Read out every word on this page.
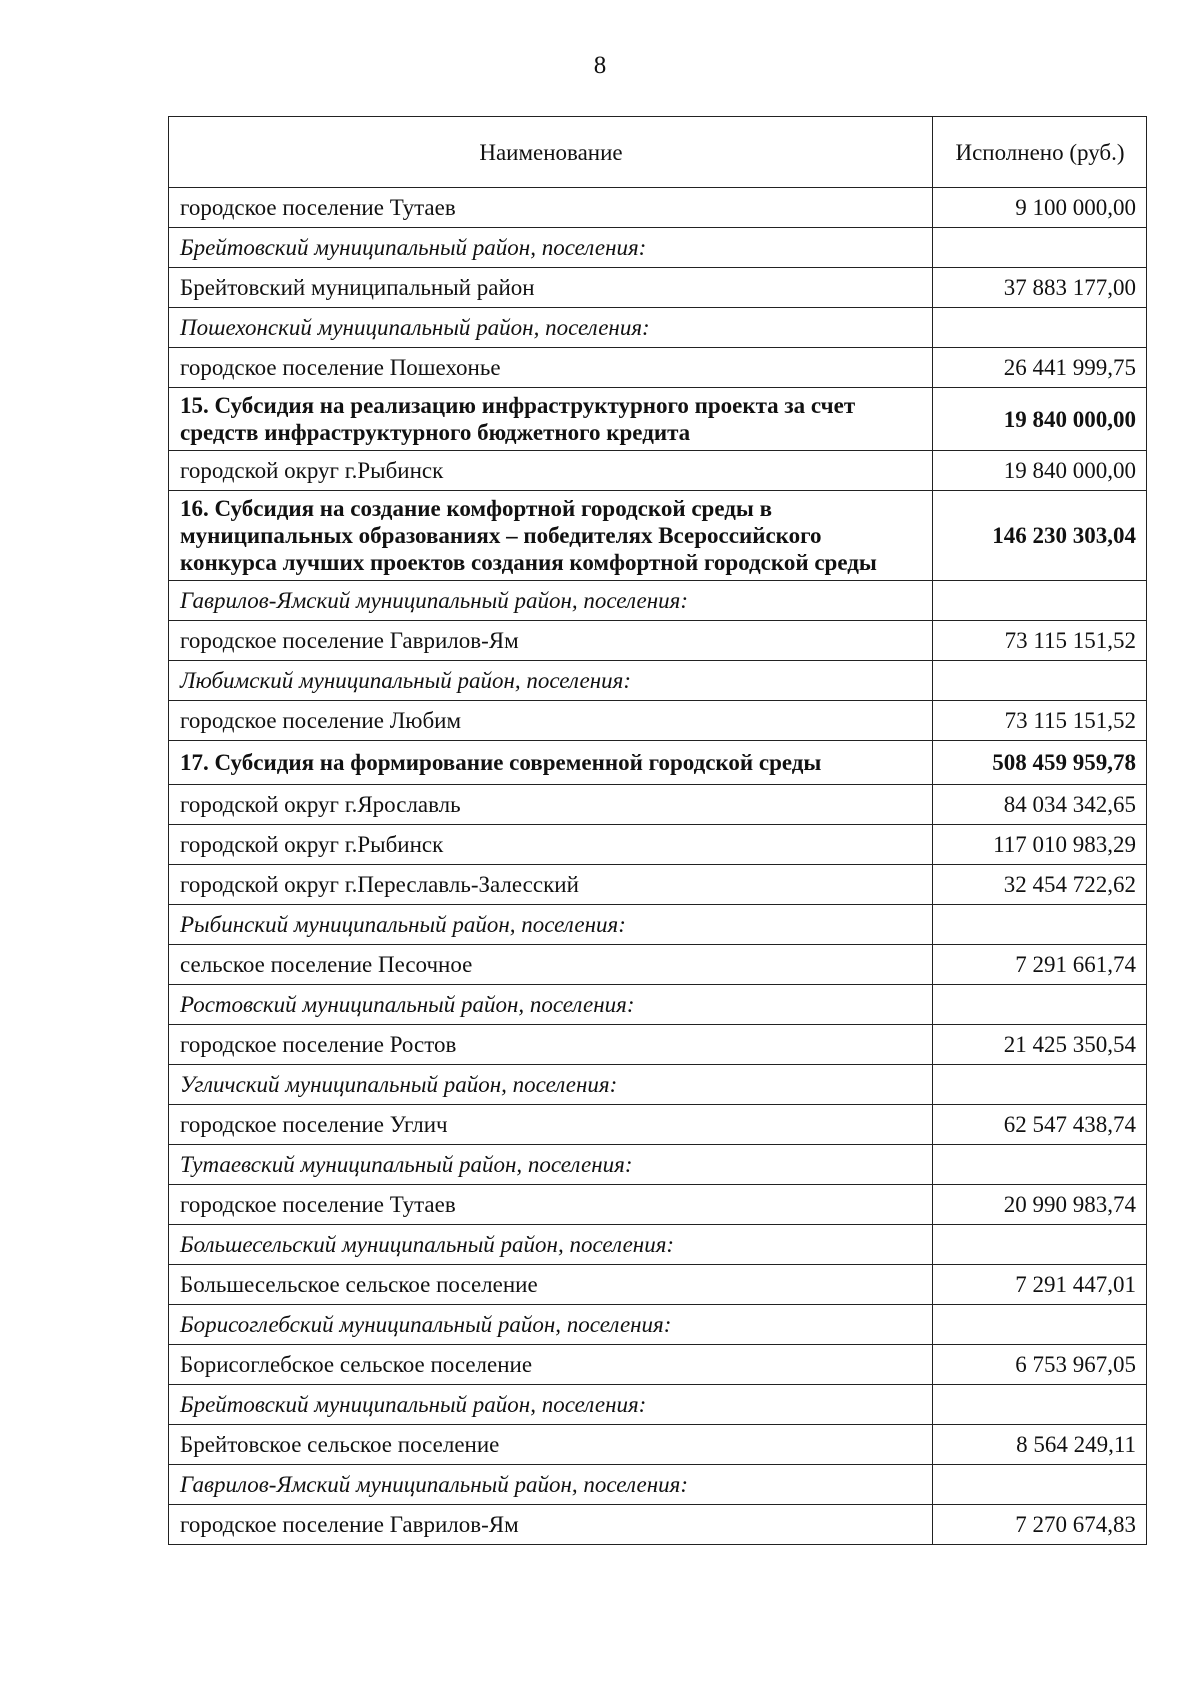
8
Наименование	Исполнено (руб.)
городское поселение Тутаев	9 100 000,00
Брейтовский муниципальный район, поселения:	
Брейтовский муниципальный район	37 883 177,00
Пошехонский муниципальный район, поселения:	
городское поселение Пошехонье	26 441 999,75
15. Субсидия на реализацию инфраструктурного проекта за счет средств инфраструктурного бюджетного кредита	19 840 000,00
городской округ г.Рыбинск	19 840 000,00
16. Субсидия на создание комфортной городской среды в муниципальных образованиях – победителях Всероссийского конкурса лучших проектов создания комфортной городской среды	146 230 303,04
Гаврилов-Ямский муниципальный район, поселения:	
городское поселение Гаврилов-Ям	73 115 151,52
Любимский муниципальный район, поселения:	
городское поселение Любим	73 115 151,52
17. Субсидия на формирование современной городской среды	508 459 959,78
городской округ г.Ярославль	84 034 342,65
городской округ г.Рыбинск	117 010 983,29
городской округ г.Переславль-Залесский	32 454 722,62
Рыбинский муниципальный район, поселения:	
сельское поселение Песочное	7 291 661,74
Ростовский муниципальный район, поселения:	
городское поселение Ростов	21 425 350,54
Угличский муниципальный район, поселения:	
городское поселение Углич	62 547 438,74
Тутаевский муниципальный район, поселения:	
городское поселение Тутаев	20 990 983,74
Большесельский муниципальный район, поселения:	
Большесельское сельское поселение	7 291 447,01
Борисоглебский муниципальный район, поселения:	
Борисоглебское сельское поселение	6 753 967,05
Брейтовский муниципальный район, поселения:	
Брейтовское сельское поселение	8 564 249,11
Гаврилов-Ямский муниципальный район, поселения:	
городское поселение Гаврилов-Ям	7 270 674,83
